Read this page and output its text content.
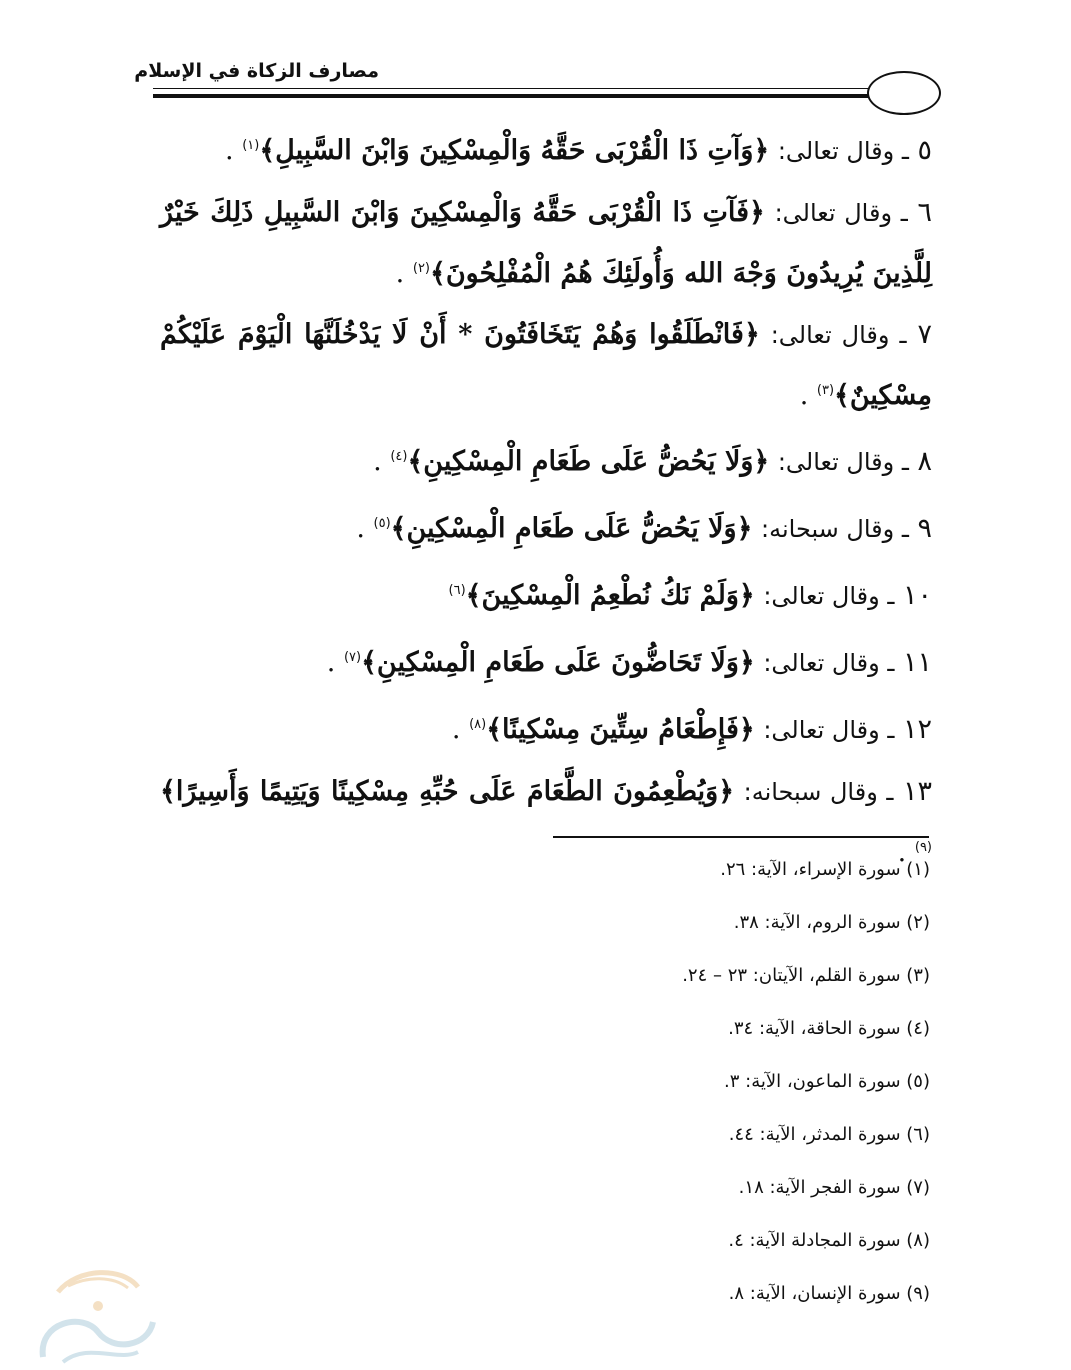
مصارف الزكاة في الإسلام

٥ ـ وقال تعالى: ﴿وَآتِ ذَا الْقُرْبَى حَقَّهُ وَالْمِسْكِينَ وَابْنَ السَّبِيلِ﴾$^{(١)}$ .

٦ ـ وقال تعالى: ﴿فَآتِ ذَا الْقُرْبَى حَقَّهُ وَالْمِسْكِينَ وَابْنَ السَّبِيلِ ذَلِكَ خَيْرٌ لِلَّذِينَ يُرِيدُونَ وَجْهَ الله وَأُولَئِكَ هُمُ الْمُفْلِحُونَ﴾$^{(٢)}$ .

٧ ـ وقال تعالى: ﴿فَانْطَلَقُوا وَهُمْ يَتَخَافَتُونَ * أَنْ لَا يَدْخُلَنَّهَا الْيَوْمَ عَلَيْكُمْ مِسْكِينٌ﴾$^{(٣)}$ .

٨ ـ وقال تعالى: ﴿وَلَا يَحُضُّ عَلَى طَعَامِ الْمِسْكِينِ﴾$^{(٤)}$ .

٩ ـ وقال سبحانه: ﴿وَلَا يَحُضُّ عَلَى طَعَامِ الْمِسْكِينِ﴾$^{(٥)}$ .

١٠ ـ وقال تعالى: ﴿وَلَمْ نَكُ نُطْعِمُ الْمِسْكِينَ﴾$^{(٦)}$

١١ ـ وقال تعالى: ﴿وَلَا تَحَاضُّونَ عَلَى طَعَامِ الْمِسْكِينِ﴾$^{(٧)}$ .

١٢ ـ وقال تعالى: ﴿فَإِطْعَامُ سِتِّينَ مِسْكِينًا﴾$^{(٨)}$ .

١٣ ـ وقال سبحانه: ﴿وَيُطْعِمُونَ الطَّعَامَ عَلَى حُبِّهِ مِسْكِينًا وَيَتِيمًا وَأَسِيرًا﴾$^{(٩)}$ .

(١) سورة الإسراء، الآية: ٢٦.
(٢) سورة الروم، الآية: ٣٨.
(٣) سورة القلم، الآيتان: ٢٣ – ٢٤.
(٤) سورة الحاقة، الآية: ٣٤.
(٥) سورة الماعون، الآية: ٣.
(٦) سورة المدثر، الآية: ٤٤.
(٧) سورة الفجر الآية: ١٨.
(٨) سورة المجادلة الآية: ٤.
(٩) سورة الإنسان، الآية: ٨.
